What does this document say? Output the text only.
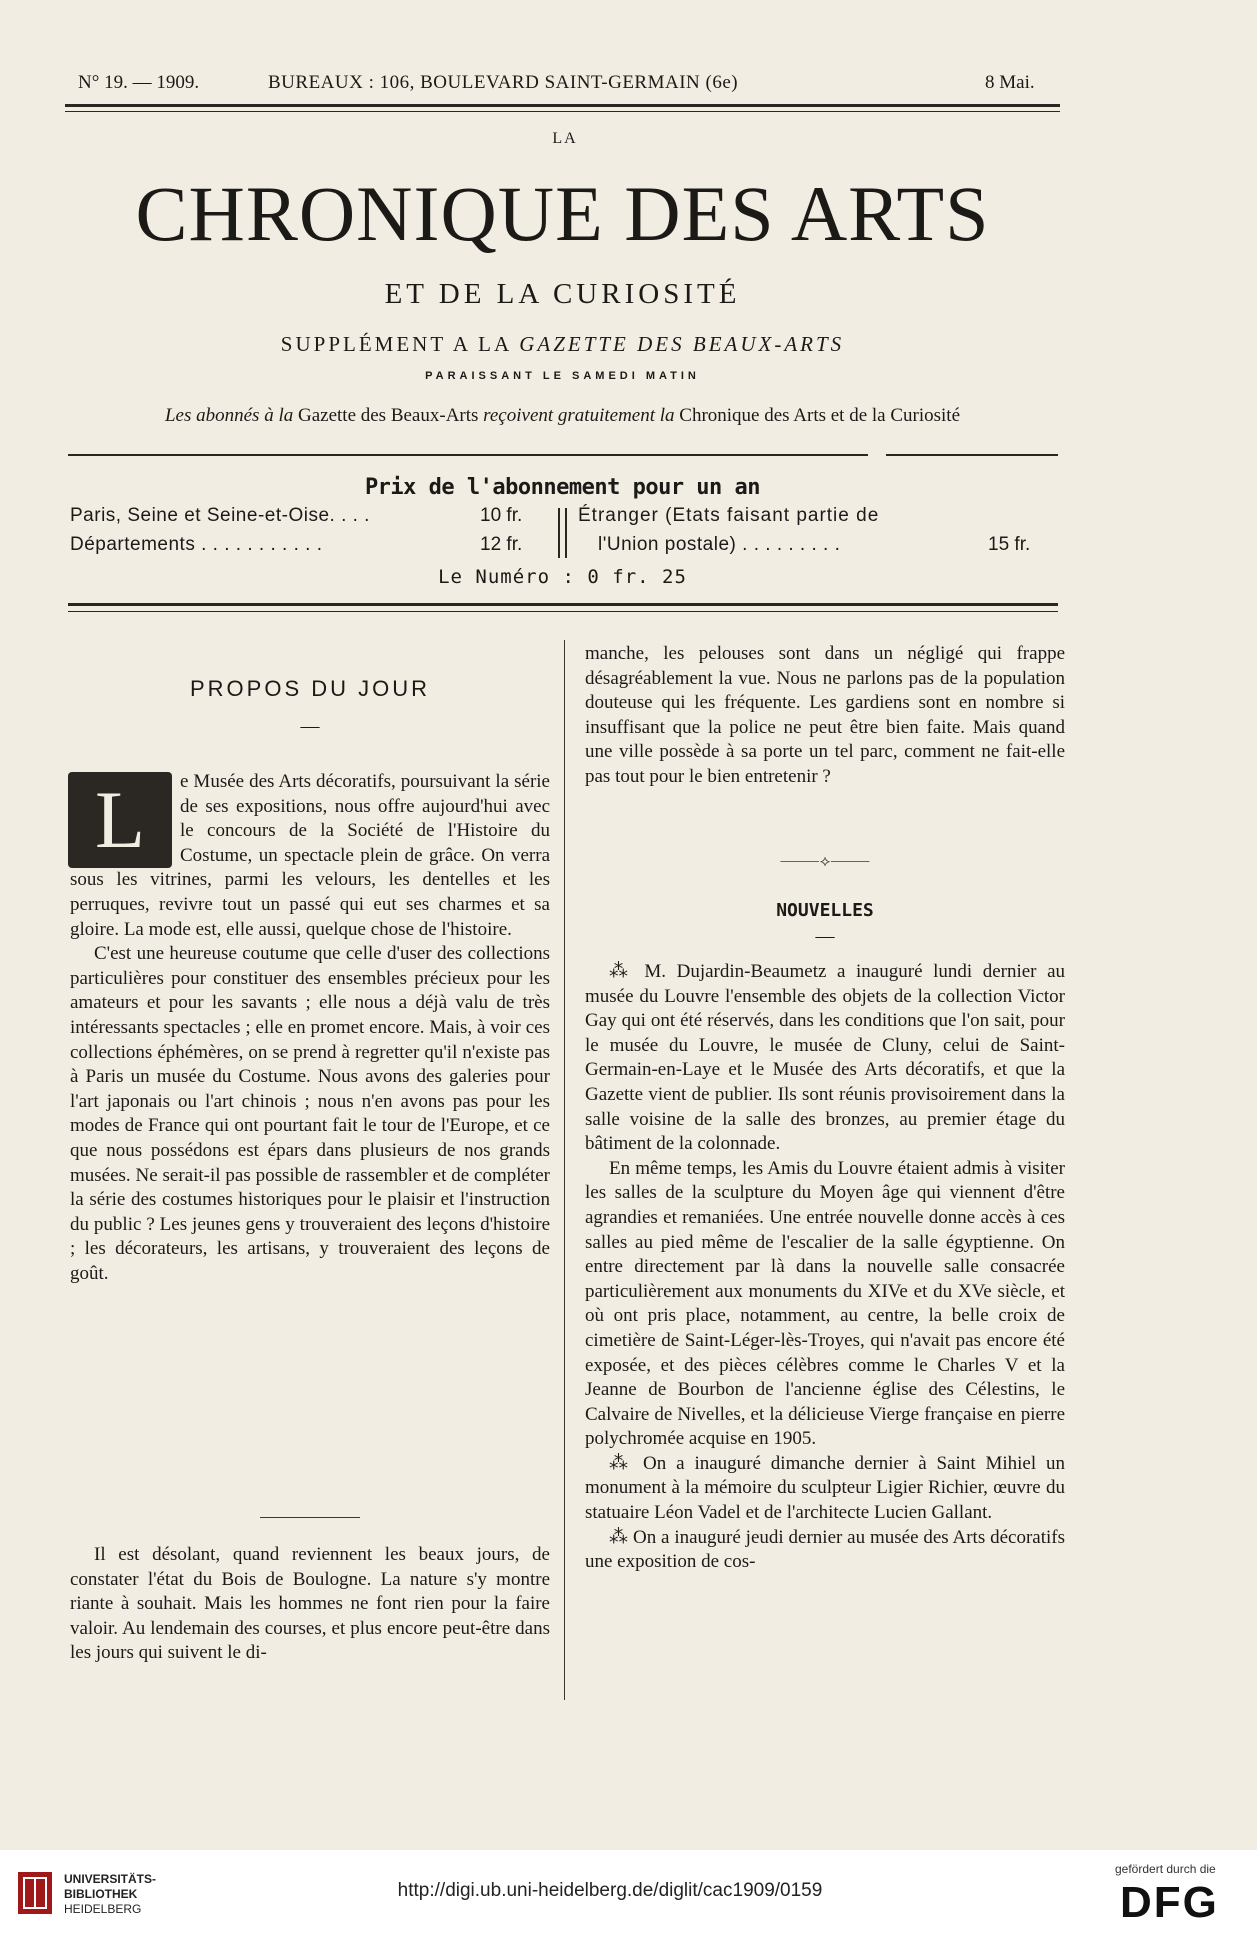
N° 19. — 1909.	BUREAUX : 106, BOULEVARD SAINT-GERMAIN (6e)	8 Mai.
LA
CHRONIQUE DES ARTS
ET DE LA CURIOSITÉ
SUPPLÉMENT A LA GAZETTE DES BEAUX-ARTS
PARAISSANT LE SAMEDI MATIN
Les abonnés à la Gazette des Beaux-Arts reçoivent gratuitement la Chronique des Arts et de la Curiosité
Prix de l'abonnement pour un an
Paris, Seine et Seine-et-Oise. . . .	10 fr.
Départements . . . . . . . . . . .	12 fr.
Étranger (Etats faisant partie de
l'Union postale) . . . . . . . . .	15 fr.
Le Numéro : 0 fr. 25
PROPOS DU JOUR
—
L	e Musée des Arts décoratifs, poursuivant la série de ses expositions, nous offre aujourd'hui avec le concours de la Société de l'Histoire du Costume, un spectacle plein de grâce. On verra sous les vitrines, parmi les velours, les dentelles et les perruques, revivre tout un passé qui eut ses charmes et sa gloire. La mode est, elle aussi, quelque chose de l'histoire.

C'est une heureuse coutume que celle d'user des collections particulières pour constituer des ensembles précieux pour les amateurs et pour les savants ; elle nous a déjà valu de très intéressants spectacles ; elle en promet encore. Mais, à voir ces collections éphémères, on se prend à regretter qu'il n'existe pas à Paris un musée du Costume. Nous avons des galeries pour l'art japonais ou l'art chinois ; nous n'en avons pas pour les modes de France qui ont pourtant fait le tour de l'Europe, et ce que nous possédons est épars dans plusieurs de nos grands musées. Ne serait-il pas possible de rassembler et de compléter la série des costumes historiques pour le plaisir et l'instruction du public ? Les jeunes gens y trouveraient des leçons d'histoire ; les décorateurs, les artisans, y trouveraient des leçons de goût.

Il est désolant, quand reviennent les beaux jours, de constater l'état du Bois de Boulogne. La nature s'y montre riante à souhait. Mais les hommes ne font rien pour la faire valoir. Au lendemain des courses, et plus encore peut-être dans les jours qui suivent le di-

manche, les pelouses sont dans un négligé qui frappe désagréablement la vue. Nous ne parlons pas de la population douteuse qui les fréquente. Les gardiens sont en nombre si insuffisant que la police ne peut être bien faite. Mais quand une ville possède à sa porte un tel parc, comment ne fait-elle pas tout pour le bien entretenir ?

⸻⟡⸻
NOUVELLES
—

⁂ M. Dujardin-Beaumetz a inauguré lundi dernier au musée du Louvre l'ensemble des objets de la collection Victor Gay qui ont été réservés, dans les conditions que l'on sait, pour le musée du Louvre, le musée de Cluny, celui de Saint-Germain-en-Laye et le Musée des Arts décoratifs, et que la Gazette vient de publier. Ils sont réunis provisoirement dans la salle voisine de la salle des bronzes, au premier étage du bâtiment de la colonnade.

En même temps, les Amis du Louvre étaient admis à visiter les salles de la sculpture du Moyen âge qui viennent d'être agrandies et remaniées. Une entrée nouvelle donne accès à ces salles au pied même de l'escalier de la salle égyptienne. On entre directement par là dans la nouvelle salle consacrée particulièrement aux monuments du XIVe et du XVe siècle, et où ont pris place, notamment, au centre, la belle croix de cimetière de Saint-Léger-lès-Troyes, qui n'avait pas encore été exposée, et des pièces célèbres comme le Charles V et la Jeanne de Bourbon de l'ancienne église des Célestins, le Calvaire de Nivelles, et la délicieuse Vierge française en pierre polychromée acquise en 1905.

⁂ On a inauguré dimanche dernier à Saint Mihiel un monument à la mémoire du sculpteur Ligier Richier, œuvre du statuaire Léon Vadel et de l'architecte Lucien Gallant.

⁂ On a inauguré jeudi dernier au musée des Arts décoratifs une exposition de cos-

UNIVERSITÄTS-
BIBLIOTHEK
HEIDELBERG
http://digi.ub.uni-heidelberg.de/diglit/cac1909/0159
gefördert durch die
DFG
